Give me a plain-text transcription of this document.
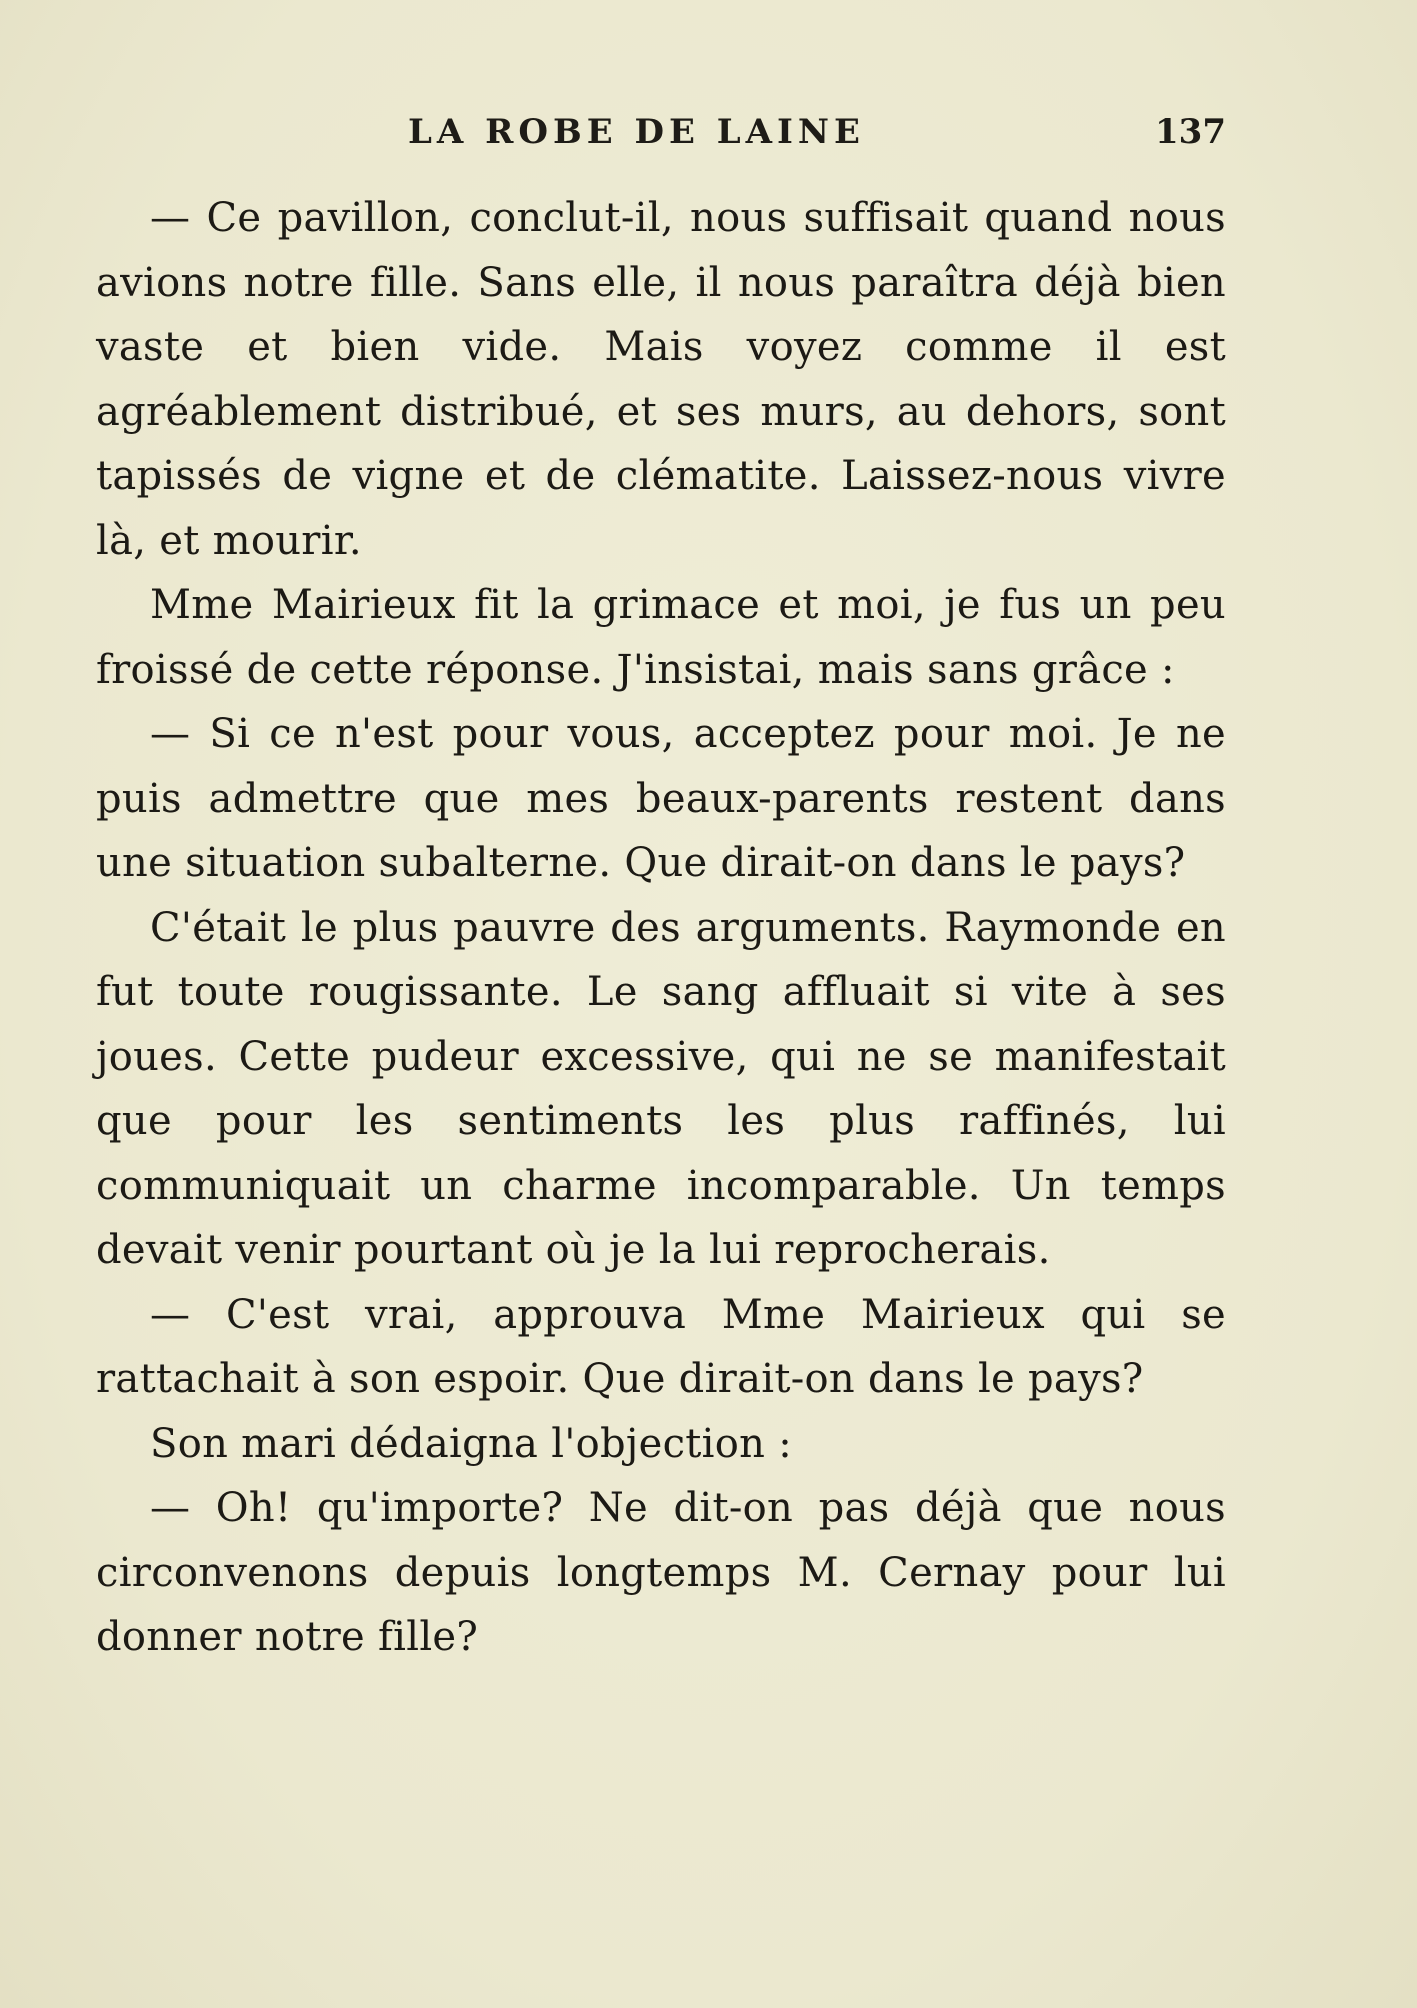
LA ROBE DE LAINE	137

— Ce pavillon, conclut-il, nous suffisait quand nous avions notre fille. Sans elle, il nous paraîtra déjà bien vaste et bien vide. Mais voyez comme il est agréablement distribué, et ses murs, au dehors, sont tapissés de vigne et de clématite. Laissez-nous vivre là, et mourir.

Mme Mairieux fit la grimace et moi, je fus un peu froissé de cette réponse. J'insistai, mais sans grâce :

— Si ce n'est pour vous, acceptez pour moi. Je ne puis admettre que mes beaux-parents restent dans une situation subalterne. Que dirait-on dans le pays?

C'était le plus pauvre des arguments. Raymonde en fut toute rougissante. Le sang affluait si vite à ses joues. Cette pudeur excessive, qui ne se manifestait que pour les sentiments les plus raffinés, lui communiquait un charme incomparable. Un temps devait venir pourtant où je la lui reprocherais.

— C'est vrai, approuva Mme Mairieux qui se rattachait à son espoir. Que dirait-on dans le pays?

Son mari dédaigna l'objection :

— Oh! qu'importe? Ne dit-on pas déjà que nous circonvenons depuis longtemps M. Cernay pour lui donner notre fille?
